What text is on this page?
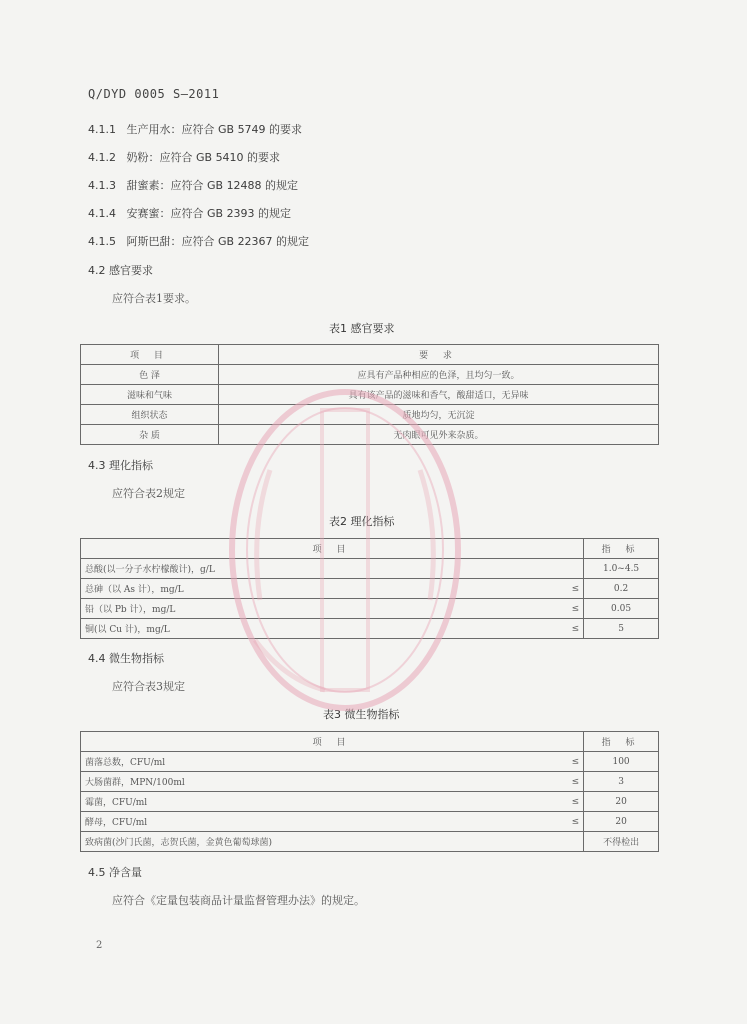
Q/DYD 0005 S—2011
4.1.1 生产用水：应符合 GB 5749 的要求
4.1.2 奶粉：应符合 GB 5410 的要求
4.1.3 甜蜜素：应符合 GB 12488 的规定
4.1.4 安赛蜜：应符合 GB 2393 的规定
4.1.5 阿斯巴甜：应符合 GB 22367 的规定
4.2 感官要求
应符合表1要求。
表1 感官要求
项 目	要 求
色 泽	应具有产品种相应的色泽，且均匀一致。
滋味和气味	具有该产品的滋味和香气，酸甜适口，无异味
组织状态	质地均匀，无沉淀
杂 质	无肉眼可见外来杂质。
4.3 理化指标
应符合表2规定
表2 理化指标
项 目		指 标
总酸(以一分子水柠檬酸计)，g/L		1.0~4.5
总砷（以 As 计），mg/L	≤	0.2
铅（以 Pb 计），mg/L	≤	0.05
铜(以 Cu 计)，mg/L	≤	5
4.4 微生物指标
应符合表3规定
表3 微生物指标
项 目		指 标
菌落总数，CFU/ml	≤	100
大肠菌群，MPN/100ml	≤	3
霉菌，CFU/ml	≤	20
酵母，CFU/ml	≤	20
致病菌(沙门氏菌，志贺氏菌，金黄色葡萄球菌)		不得检出
4.5 净含量
应符合《定量包装商品计量监督管理办法》的规定。
2
